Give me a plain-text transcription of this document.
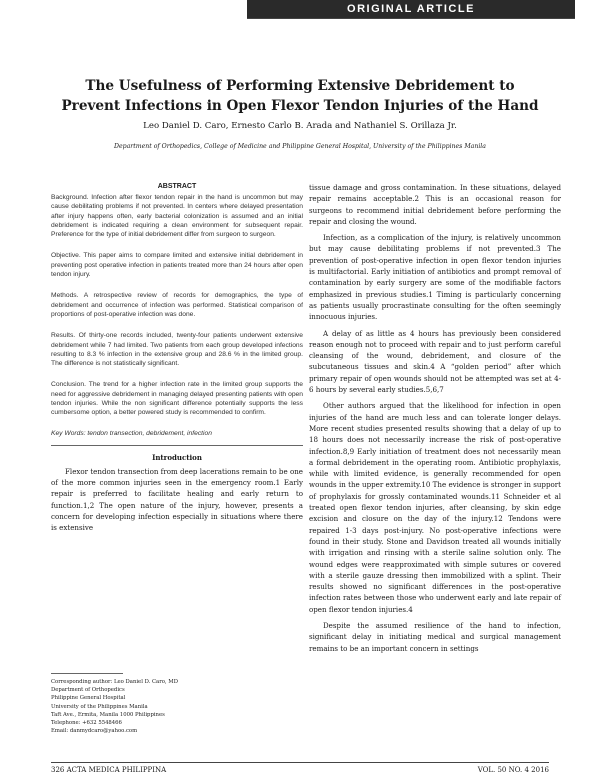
ORIGINAL ARTICLE
The Usefulness of Performing Extensive Debridement to
Prevent Infections in Open Flexor Tendon Injuries of the Hand

Leo Daniel D. Caro, Ernesto Carlo B. Arada and Nathaniel S. Orillaza Jr.

Department of Orthopedics, College of Medicine and Philippine General Hospital, University of the Philippines Manila

ABSTRACT

Background. Infection after flexor tendon repair in the hand is uncommon but may cause debilitating problems if not prevented. In centers where delayed presentation after injury happens often, early bacterial colonization is assumed and an initial debridement is indicated requiring a clean environment for subsequent repair. Preference for the type of initial debridement differ from surgeon to surgeon.

Objective. This paper aims to compare limited and extensive initial debridement in preventing post operative infection in patients treated more than 24 hours after open tendon injury.

Methods. A retrospective review of records for demographics, the type of debridement and occurrence of infection was performed. Statistical comparison of proportions of post-operative infection was done.

Results. Of thirty-one records included, twenty-four patients underwent extensive debridement while 7 had limited. Two patients from each group developed infections resulting to 8.3 % infection in the extensive group and 28.6 % in the limited group. The difference is not statistically significant.

Conclusion. The trend for a higher infection rate in the limited group supports the need for aggressive debridement in managing delayed presenting patients with open tendon injuries. While the non significant difference potentially supports the less cumbersome option, a better powered study is recommended to confirm.

Key Words: tendon transection, debridement, infection

Introduction

Flexor tendon transection from deep lacerations remain to be one of the more common injuries seen in the emergency room.1 Early repair is preferred to facilitate healing and early return to function.1,2 The open nature of the injury, however, presents a concern for developing infection especially in situations where there is extensive

tissue damage and gross contamination. In these situations, delayed repair remains acceptable.2 This is an occasional reason for surgeons to recommend initial debridement before performing the repair and closing the wound.

Infection, as a complication of the injury, is relatively uncommon but may cause debilitating problems if not prevented.3 The prevention of post-operative infection in open flexor tendon injuries is multifactorial. Early initiation of antibiotics and prompt removal of contamination by early surgery are some of the modifiable factors emphasized in previous studies.1 Timing is particularly concerning as patients usually procrastinate consulting for the often seemingly innocuous injuries.

A delay of as little as 4 hours has previously been considered reason enough not to proceed with repair and to just perform careful cleansing of the wound, debridement, and closure of the subcutaneous tissues and skin.4 A “golden period” after which primary repair of open wounds should not be attempted was set at 4-6 hours by several early studies.5,6,7

Other authors argued that the likelihood for infection in open injuries of the hand are much less and can tolerate longer delays. More recent studies presented results showing that a delay of up to 18 hours does not necessarily increase the risk of post-operative infection.8,9 Early initiation of treatment does not necessarily mean a formal debridement in the operating room. Antibiotic prophylaxis, while with limited evidence, is generally recommended for open wounds in the upper extremity.10 The evidence is stronger in support of prophylaxis for grossly contaminated wounds.11 Schneider et al treated open flexor tendon injuries, after cleansing, by skin edge excision and closure on the day of the injury.12 Tendons were repaired 1-3 days post-injury. No post-operative infections were found in their study. Stone and Davidson treated all wounds initially with irrigation and rinsing with a sterile saline solution only. The wound edges were reapproximated with simple sutures or covered with a sterile gauze dressing then immobilized with a splint. Their results showed no significant differences in the post-operative infection rates between those who underwent early and late repair of open flexor tendon injuries.4

Despite the assumed resilience of the hand to infection, significant delay in initiating medical and surgical management remains to be an important concern in settings

Corresponding author: Leo Daniel D. Caro, MD

Department of Orthopedics

Philippine General Hospital

University of the Philippines Manila

Taft Ave., Ermita, Manila 1000 Philippines

Telephone: +632 5548466

Email: danmydcaro@yahoo.com

326 ACTA MEDICA PHILIPPINA	VOL. 50 NO. 4 2016
